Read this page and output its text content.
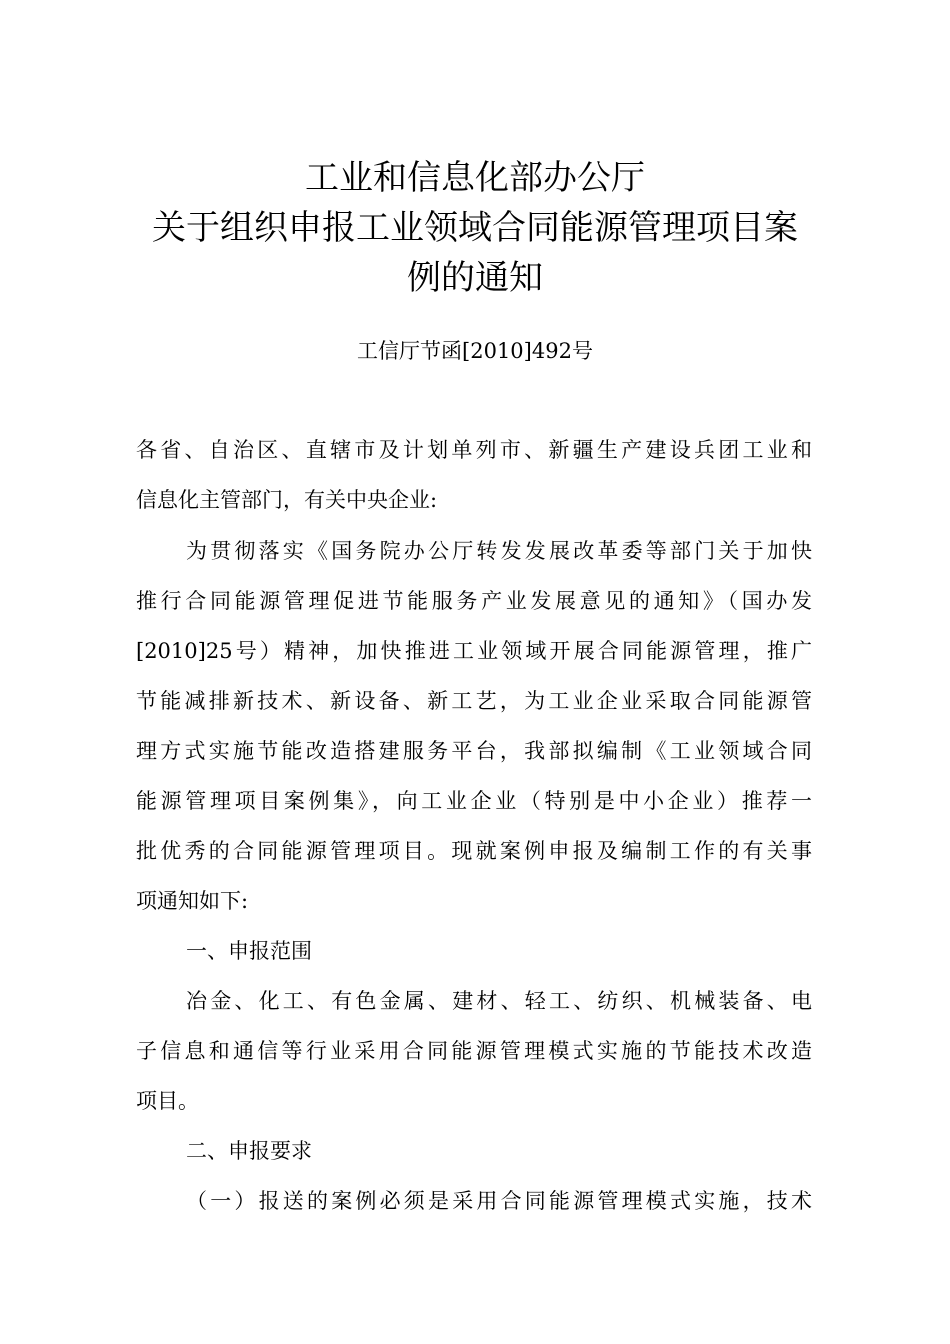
工业和信息化部办公厅
关于组织申报工业领域合同能源管理项目案
例的通知
工信厅节函[2010]492号
各省、自治区、直辖市及计划单列市、新疆生产建设兵团工业和
信息化主管部门，有关中央企业:
为贯彻落实《国务院办公厅转发发展改革委等部门关于加快
推行合同能源管理促进节能服务产业发展意见的通知》（国办发
[2010]25号）精神，加快推进工业领域开展合同能源管理，推广
节能减排新技术、新设备、新工艺，为工业企业采取合同能源管
理方式实施节能改造搭建服务平台，我部拟编制《工业领域合同
能源管理项目案例集》，向工业企业（特别是中小企业）推荐一
批优秀的合同能源管理项目。现就案例申报及编制工作的有关事
项通知如下:
一、申报范围
冶金、化工、有色金属、建材、轻工、纺织、机械装备、电
子信息和通信等行业采用合同能源管理模式实施的节能技术改造
项目。
二、申报要求
（一）报送的案例必须是采用合同能源管理模式实施，技术
